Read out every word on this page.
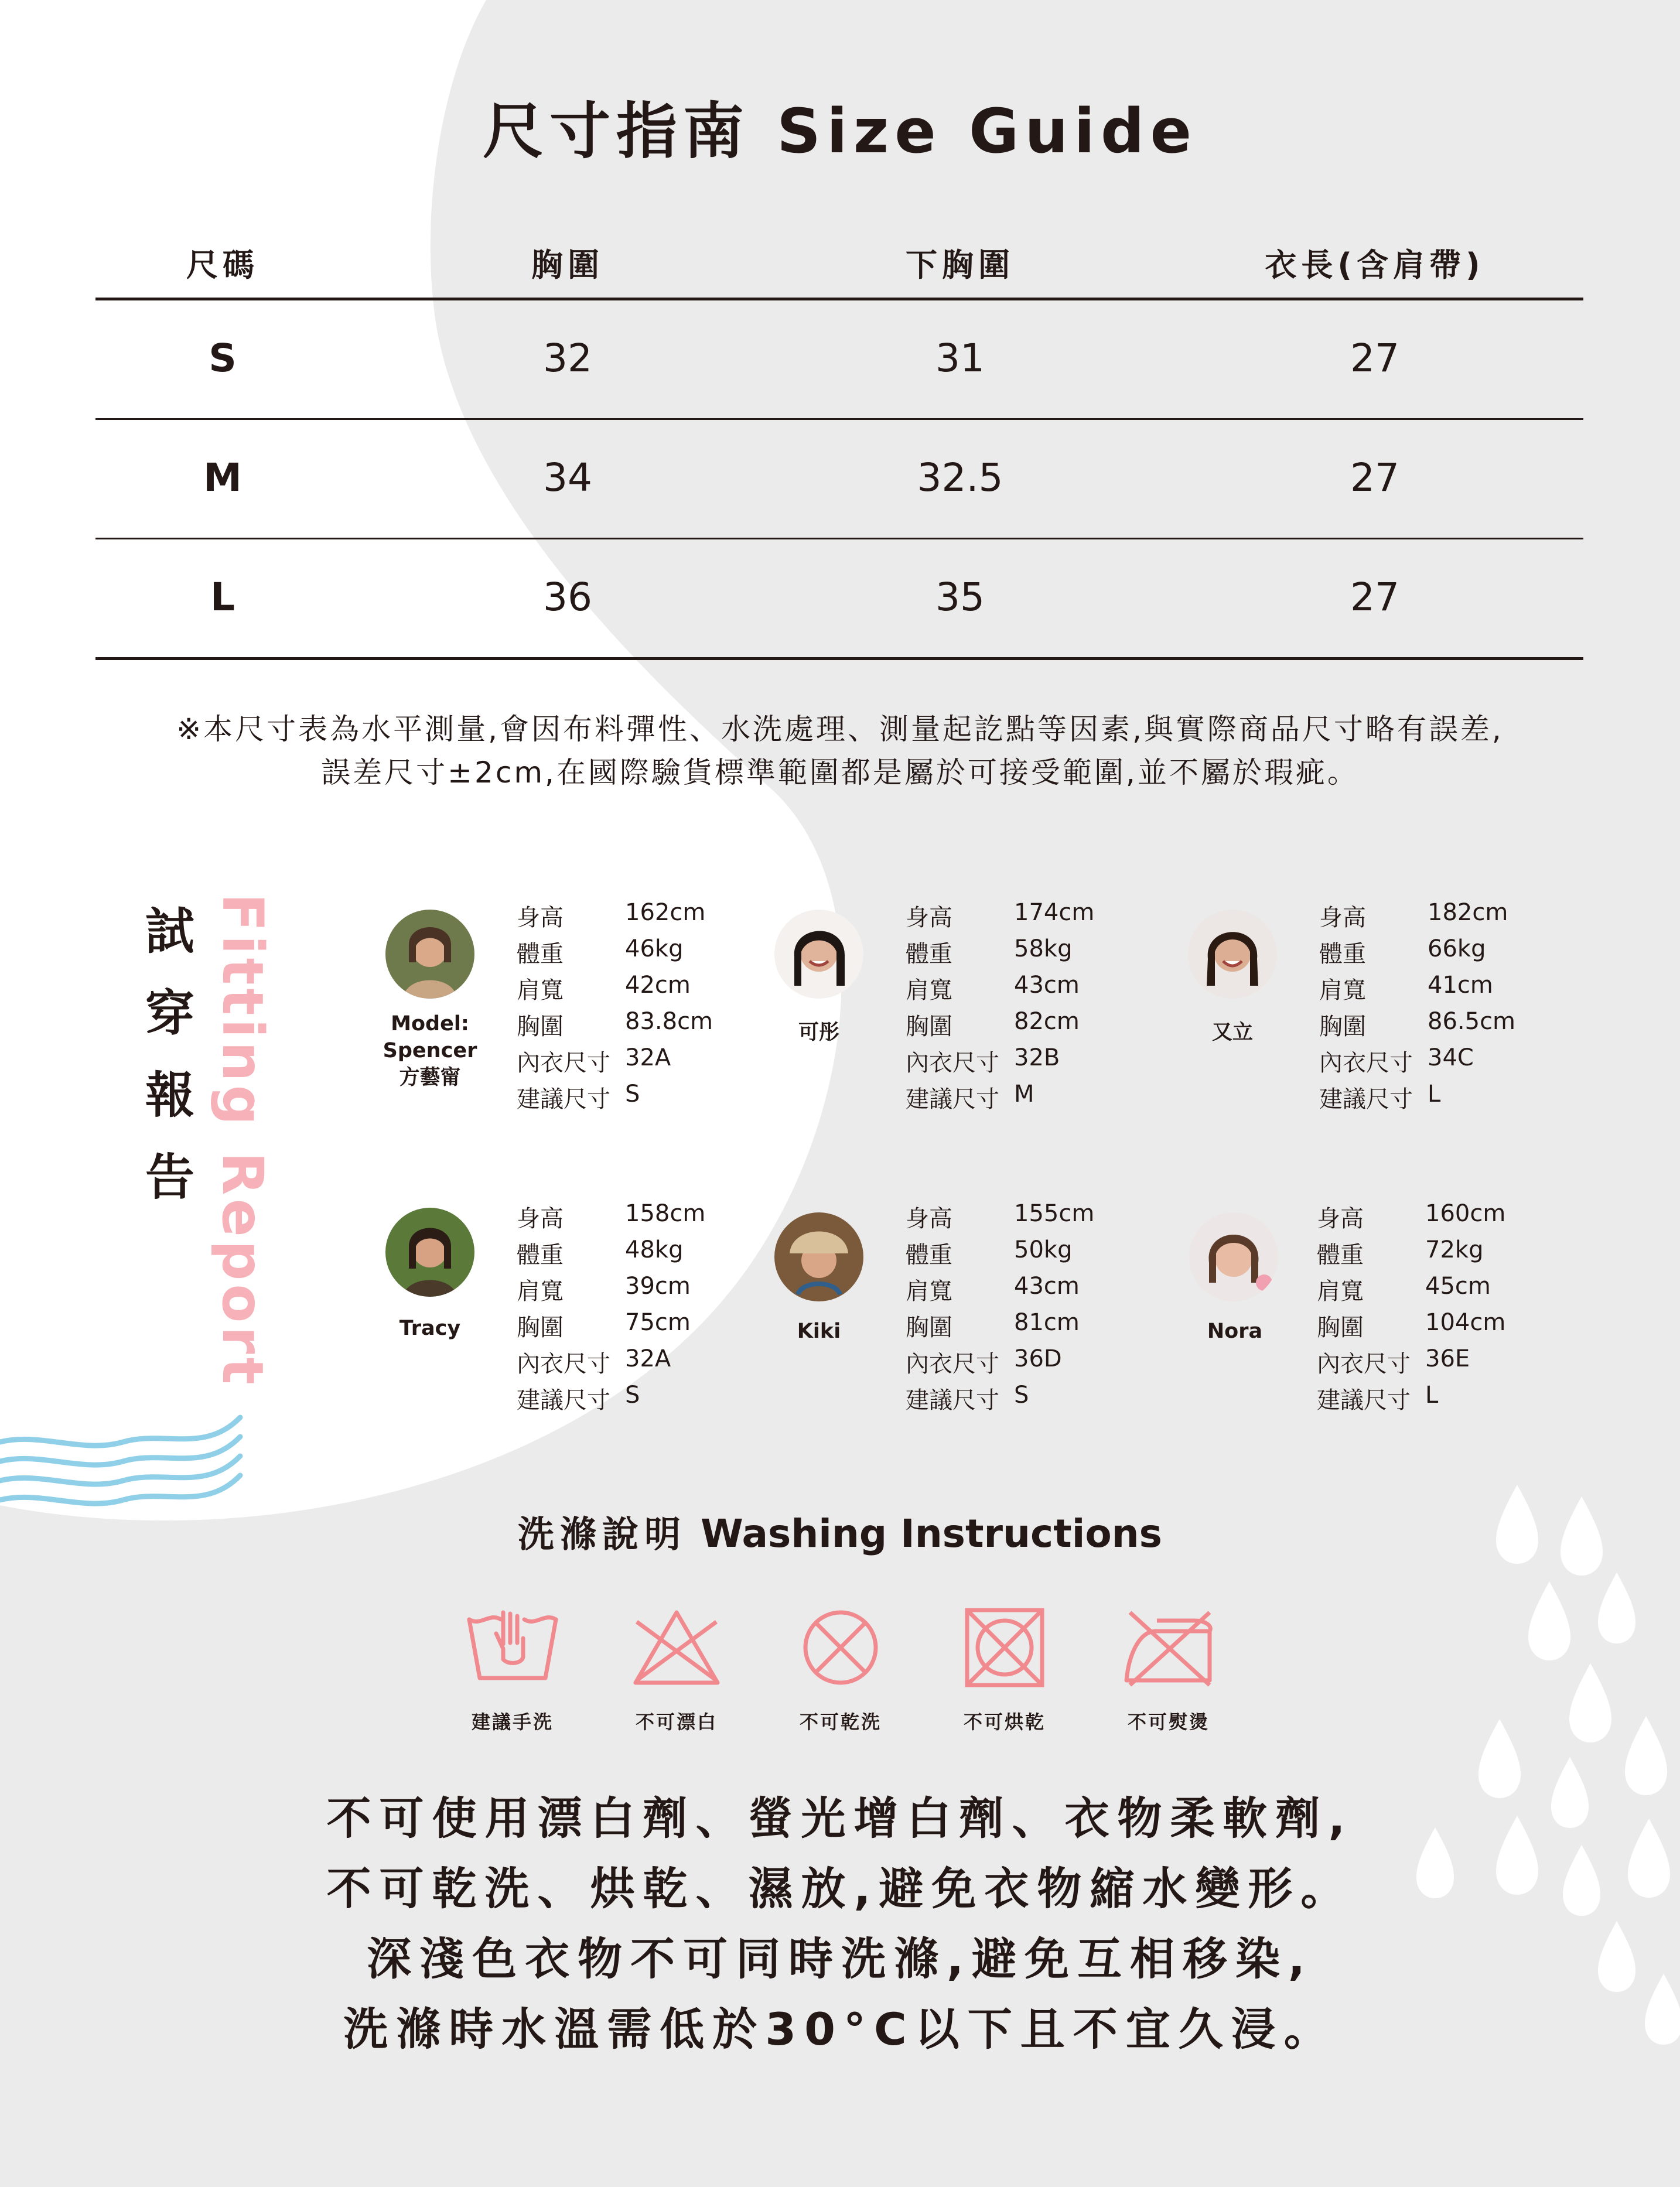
尺寸指南 Size Guide
尺碼	胸圍	下胸圍	衣長(含肩帶)
S	32	31	27
M	34	32.5	27
L	36	35	27
※本尺寸表為水平測量,會因布料彈性、水洗處理、測量起訖點等因素,與實際商品尺寸略有誤差,
誤差尺寸±2cm,在國際驗貨標準範圍都是屬於可接受範圍,並不屬於瑕疵。
試
穿
報
告 Fitting Report	Model:
Spencer
方藝甯
身高	162cm
體重	46kg
肩寬	42cm
胸圍	83.8cm
內衣尺寸 32A
建議尺寸 S
可彤
身高	174cm
體重	58kg
肩寬	43cm
胸圍	82cm
內衣尺寸 32B
建議尺寸 M
又立
身高	182cm
體重	66kg
肩寬	41cm
胸圍	86.5cm
內衣尺寸 34C
建議尺寸 L
Tracy
身高	158cm
體重	48kg
肩寬	39cm
胸圍	75cm
內衣尺寸 32A
建議尺寸 S
Kiki
身高	155cm
體重	50kg
肩寬	43cm
胸圍	81cm
內衣尺寸 36D
建議尺寸 S
Nora
身高	160cm
體重	72kg
肩寬	45cm
胸圍	104cm
內衣尺寸 36E
建議尺寸 L
洗滌說明 Washing Instructions
建議手洗	不可漂白	不可乾洗	不可烘乾	不可熨燙
不可使用漂白劑、螢光增白劑、衣物柔軟劑,
不可乾洗、烘乾、濕放,避免衣物縮水變形。
深淺色衣物不可同時洗滌,避免互相移染,
洗滌時水溫需低於30°C以下且不宜久浸。
